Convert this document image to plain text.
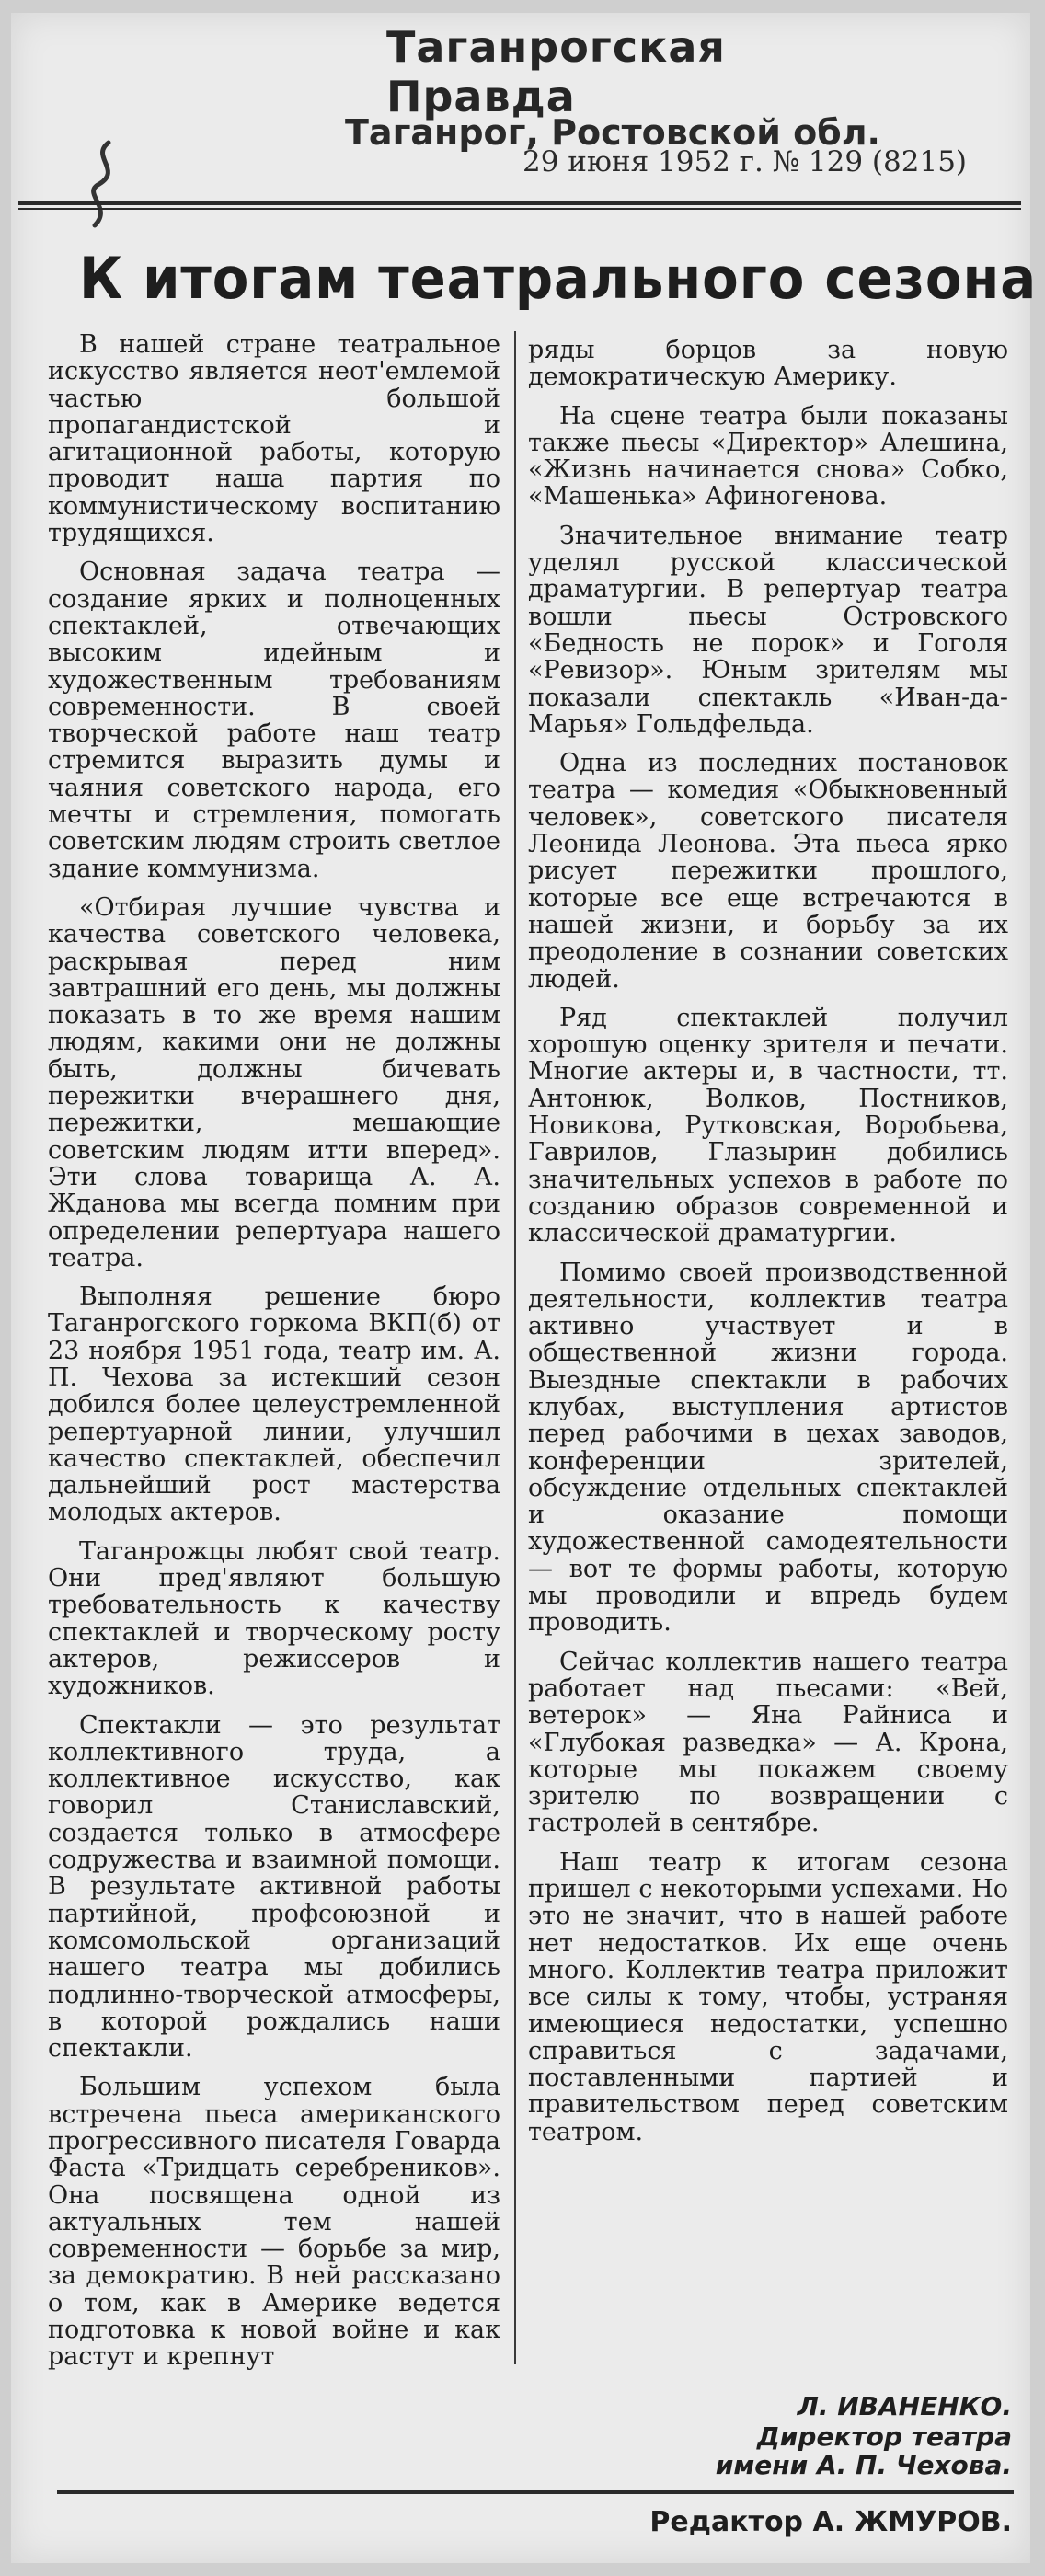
Таганрогская Правда
Таганрог, Ростовской обл.
29 июня 1952 г. № 129 (8215)
К итогам театрального сезона

В нашей стране театральное искусство является неот'емлемой частью большой пропагандистской и агитационной работы, которую проводит наша партия по коммунистическому воспитанию трудящихся.

Основная задача театра — создание ярких и полноценных спектаклей, отвечающих высоким идейным и художественным требованиям современности. В своей творческой работе наш театр стремится выразить думы и чаяния советского народа, его мечты и стремления, помогать советским людям строить светлое здание коммунизма.

«Отбирая лучшие чувства и качества советского человека, раскрывая перед ним завтрашний его день, мы должны показать в то же время нашим людям, какими они не должны быть, должны бичевать пережитки вчерашнего дня, пережитки, мешающие советским людям итти вперед». Эти слова товарища А. А. Жданова мы всегда помним при определении репертуара нашего театра.

Выполняя решение бюро Таганрогского горкома ВКП(б) от 23 ноября 1951 года, театр им. А. П. Чехова за истекший сезон добился более целеустремленной репертуарной линии, улучшил качество спектаклей, обеспечил дальнейший рост мастерства молодых актеров.

Таганрожцы любят свой театр. Они пред'являют большую требовательность к качеству спектаклей и творческому росту актеров, режиссеров и художников.

Спектакли — это результат коллективного труда, а коллективное искусство, как говорил Станиславский, создается только в атмосфере содружества и взаимной помощи. В результате активной работы партийной, профсоюзной и комсомольской организаций нашего театра мы добились подлинно-творческой атмосферы, в которой рождались наши спектакли.

Большим успехом была встречена пьеса американского прогрессивного писателя Говарда Фаста «Тридцать серебреников». Она посвящена одной из актуальных тем нашей современности — борьбе за мир, за демократию. В ней рассказано о том, как в Америке ведется подготовка к новой войне и как растут и крепнут

ряды борцов за новую демократическую Америку.

На сцене театра были показаны также пьесы «Директор» Алешина, «Жизнь начинается снова» Собко, «Машенька» Афиногенова.

Значительное внимание театр уделял русской классической драматургии. В репертуар театра вошли пьесы Островского «Бедность не порок» и Гоголя «Ревизор». Юным зрителям мы показали спектакль «Иван-да-Марья» Гольдфельда.

Одна из последних постановок театра — комедия «Обыкновенный человек», советского писателя Леонида Леонова. Эта пьеса ярко рисует пережитки прошлого, которые все еще встречаются в нашей жизни, и борьбу за их преодоление в сознании советских людей.

Ряд спектаклей получил хорошую оценку зрителя и печати. Многие актеры и, в частности, тт. Антонюк, Волков, Постников, Новикова, Рутковская, Воробьева, Гаврилов, Глазырин добились значительных успехов в работе по созданию образов современной и классической драматургии.

Помимо своей производственной деятельности, коллектив театра активно участвует и в общественной жизни города. Выездные спектакли в рабочих клубах, выступления артистов перед рабочими в цехах заводов, конференции зрителей, обсуждение отдельных спектаклей и оказание помощи художественной самодеятельности — вот те формы работы, которую мы проводили и впредь будем проводить.

Сейчас коллектив нашего театра работает над пьесами: «Вей, ветерок» — Яна Райниса и «Глубокая разведка» — А. Крона, которые мы покажем своему зрителю по возвращении с гастролей в сентябре.

Наш театр к итогам сезона пришел с некоторыми успехами. Но это не значит, что в нашей работе нет недостатков. Их еще очень много. Коллектив театра приложит все силы к тому, чтобы, устраняя имеющиеся недостатки, успешно справиться с задачами, поставленными партией и правительством перед советским театром.

Л. ИВАНЕНКО.
Директор театра
имени А. П. Чехова.
Редактор А. ЖМУРОВ.
